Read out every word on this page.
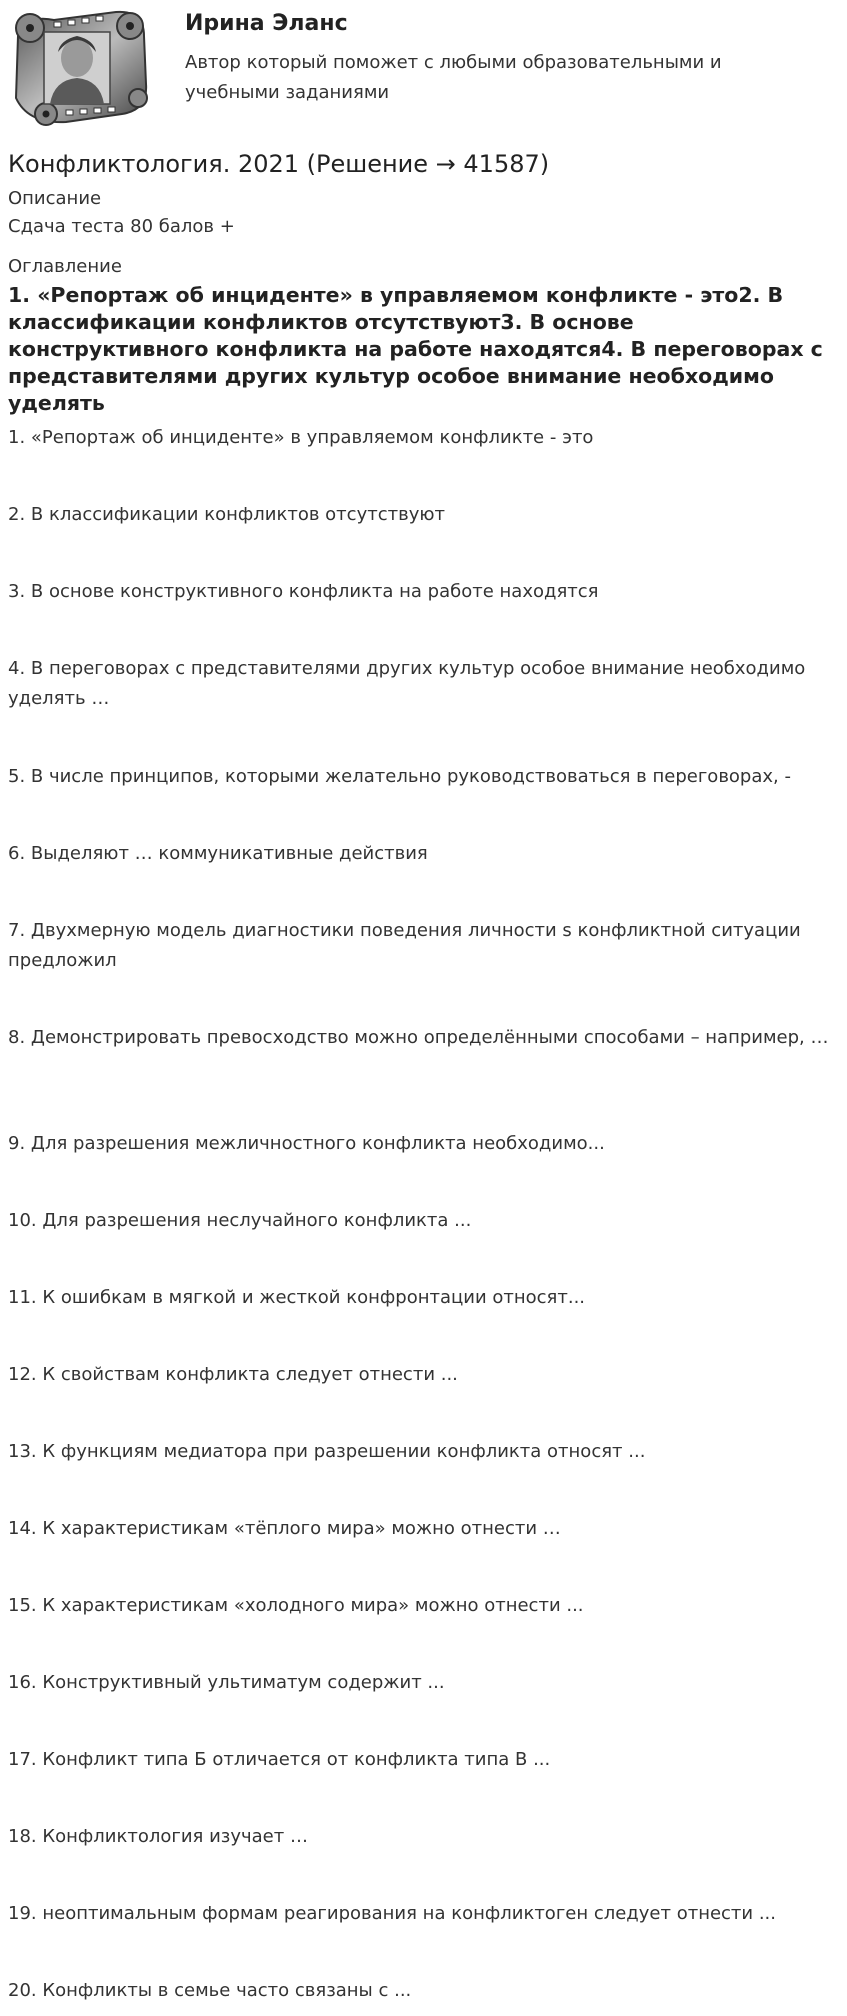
Ирина Эланс
Автор который поможет с любыми образовательными и учебными заданиями
Конфликтология. 2021 (Решение → 41587)
Описание
Сдача теста 80 балов +
Оглавление
1. «Репортаж об инциденте» в управляемом конфликте - это2. В классификации конфликтов отсутствуют3. В основе конструктивного конфликта на работе находятся4. В переговорах с представителями других культур особое внимание необходимо уделять
1. «Репортаж об инциденте» в управляемом конфликте - это
2. В классификации конфликтов отсутствуют
3. В основе конструктивного конфликта на работе находятся
4. В переговорах с представителями других культур особое внимание необходимо уделять …
5. В числе принципов, которыми желательно руководствоваться в переговорах, -
6. Выделяют … коммуникативные действия
7. Двухмерную модель диагностики поведения личности s конфликтной ситуации предложил
8. Демонстрировать превосходство можно определёнными способами – например, …
9. Для разрешения межличностного конфликта необходимо...
10. Для разрешения неслучайного конфликта ...
11. К ошибкам в мягкой и жесткой конфронтации относят...
12. К свойствам конфликта следует отнести ...
13. К функциям медиатора при разрешении конфликта относят ...
14. К характеристикам «тёплого мира» можно отнести …
15. К характеристикам «холодного мира» можно отнести ...
16. Конструктивный ультиматум содержит ...
17. Конфликт типа Б отличается от конфликта типа В ...
18. Конфликтология изучает …
19. неоптимальным формам реагирования на конфликтоген следует отнести ...
20. Конфликты в семье часто связаны с ...
